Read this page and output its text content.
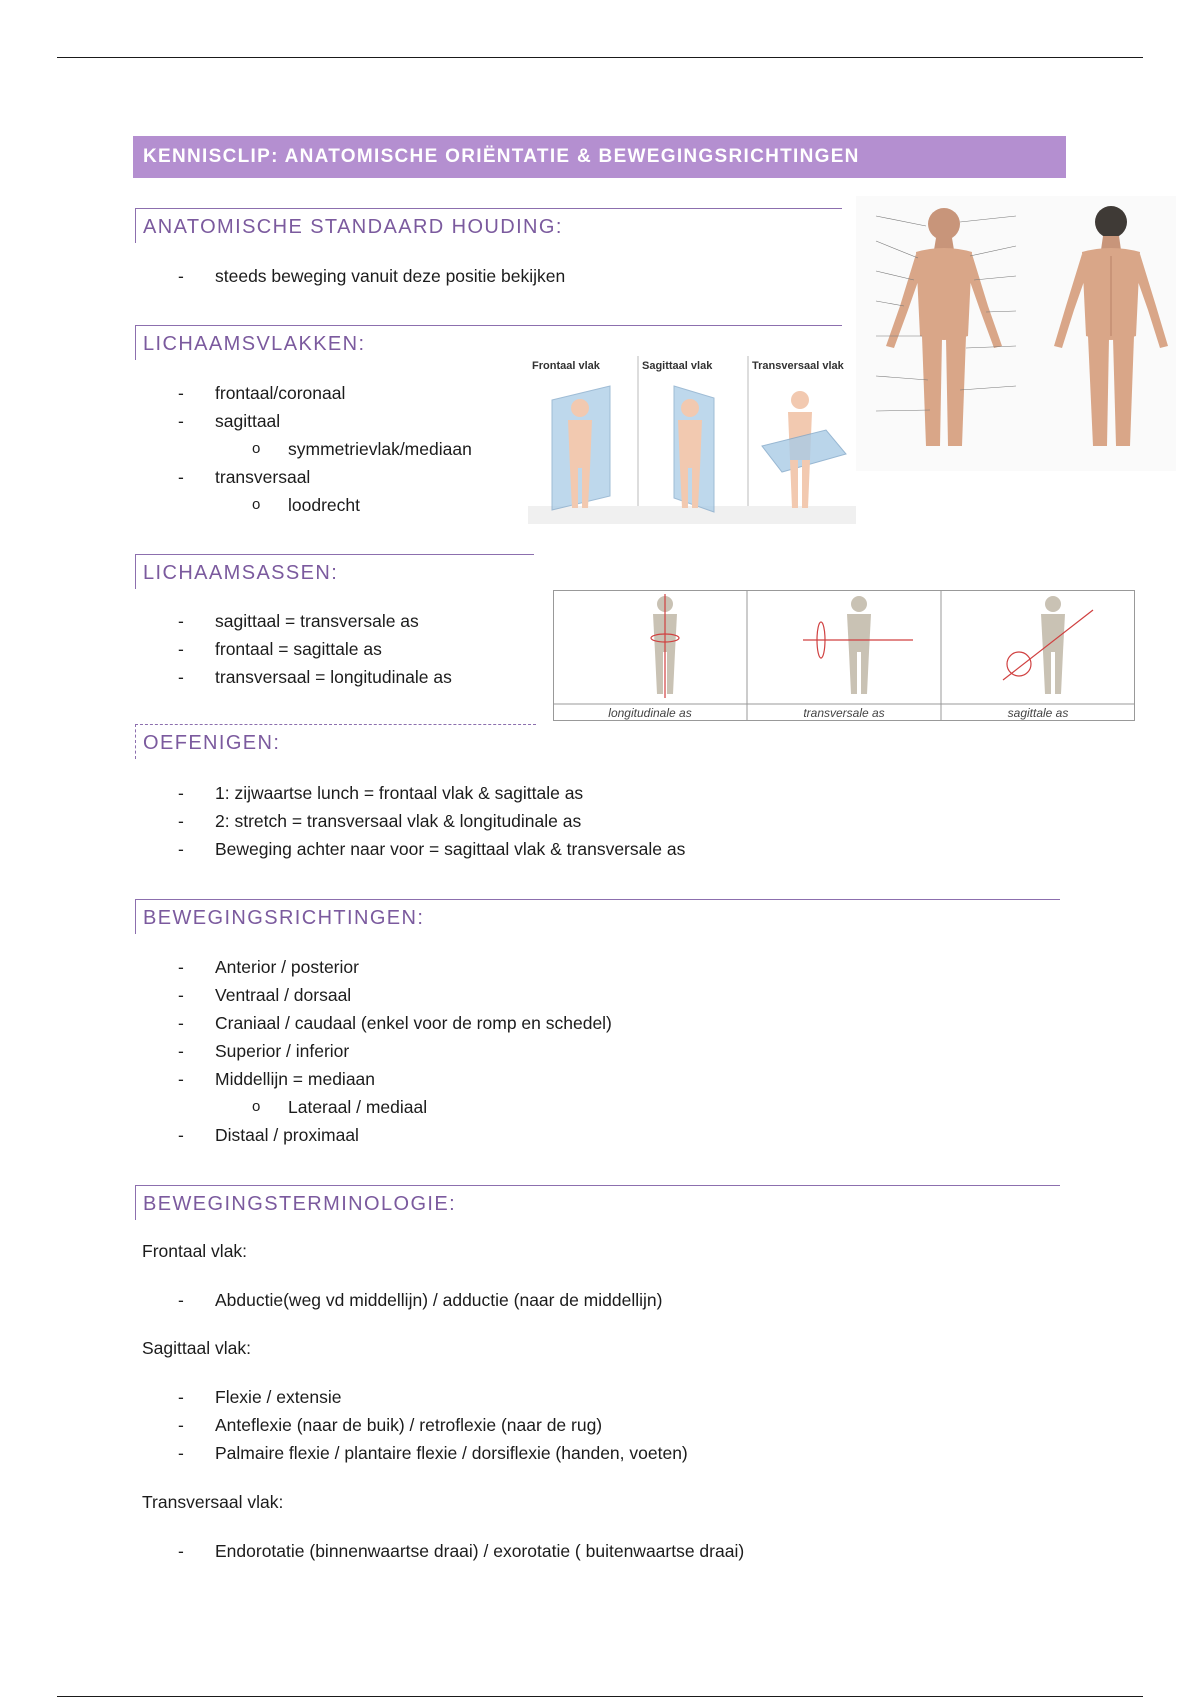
KENNISCLIP: ANATOMISCHE ORIËNTATIE & BEWEGINGSRICHTINGEN
ANATOMISCHE STANDAARD HOUDING:
- steeds beweging vanuit deze positie bekijken
LICHAAMSVLAKKEN:
- frontaal/coronaal
- sagittaal
o symmetrievlak/mediaan
- transversaal
o loodrecht
LICHAAMSASSEN:
- sagittaal = transversale as
- frontaal = sagittale as
- transversaal = longitudinale as
OEFENIGEN:
- 1: zijwaartse lunch = frontaal vlak & sagittale as
- 2: stretch = transversaal vlak & longitudinale as
- Beweging achter naar voor = sagittaal vlak & transversale as
BEWEGINGSRICHTINGEN:
- Anterior / posterior
- Ventraal / dorsaal
- Craniaal / caudaal (enkel voor de romp en schedel)
- Superior / inferior
- Middellijn = mediaan
o Lateraal / mediaal
- Distaal / proximaal
BEWEGINGSTERMINOLOGIE:
Frontaal vlak:
- Abductie(weg vd middellijn) / adductie (naar de middellijn)
Sagittaal vlak:
- Flexie / extensie
- Anteflexie (naar de buik) / retroflexie (naar de rug)
- Palmaire flexie / plantaire flexie / dorsiflexie (handen, voeten)
Transversaal vlak:
- Endorotatie (binnenwaartse draai) / exorotatie ( buitenwaartse draai)
Frontaal vlak	Sagittaal vlak	Transversaal vlak
longitudinale as	transversale as	sagittale as
